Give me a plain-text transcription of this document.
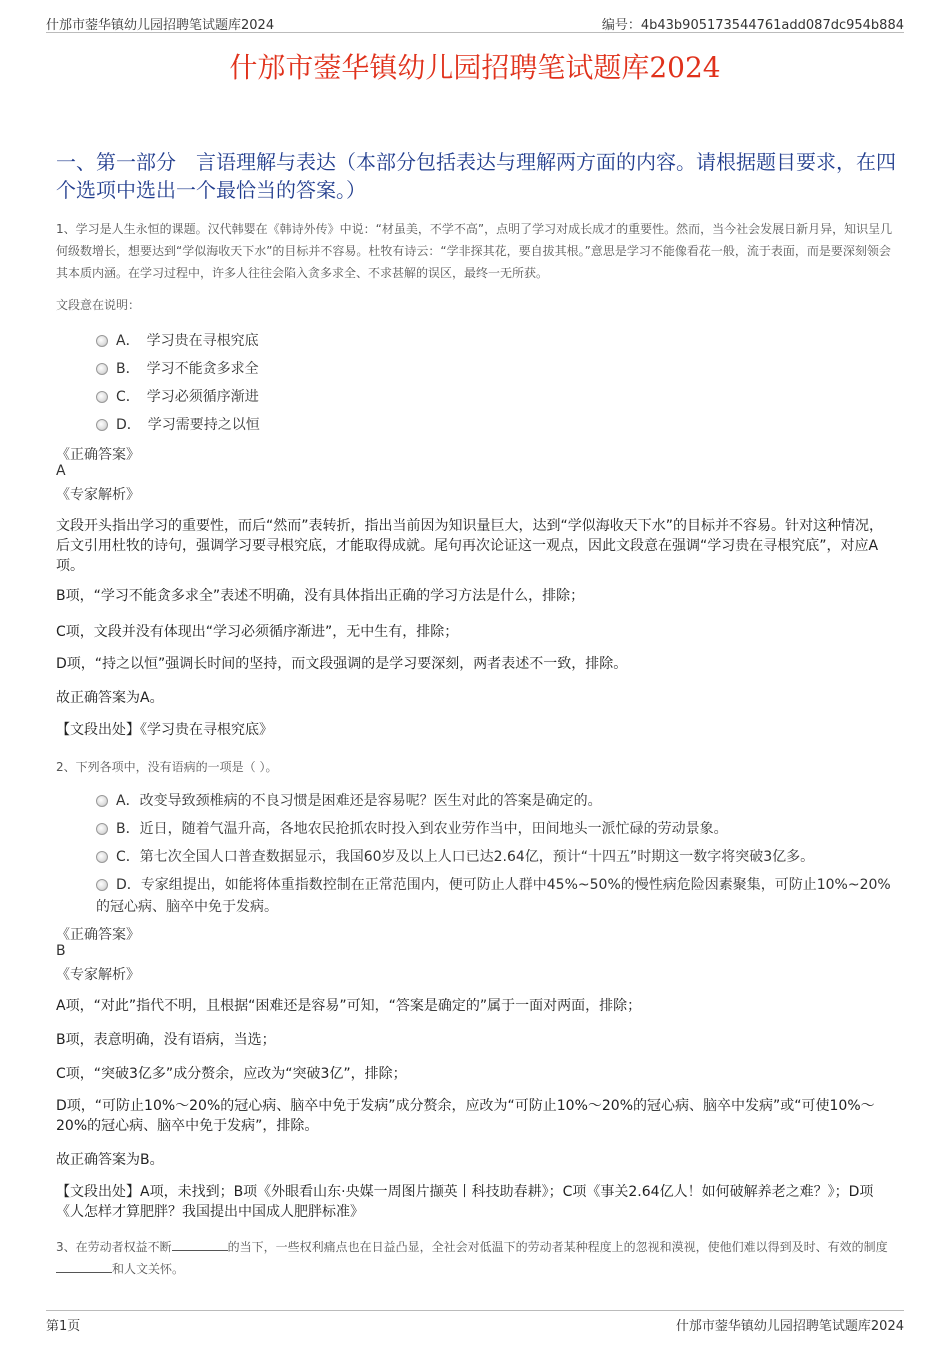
什邡市蓥华镇幼儿园招聘笔试题库2024	编号：4b43b905173544761add087dc954b884
什邡市蓥华镇幼儿园招聘笔试题库2024
一、第一部分　言语理解与表达（本部分包括表达与理解两方面的内容。请根据题目要求，在四个选项中选出一个最恰当的答案。）
1、学习是人生永恒的课题。汉代韩婴在《韩诗外传》中说：“材虽美，不学不高”，点明了学习对成长成才的重要性。然而，当今社会发展日新月异，知识呈几何级数增长，想要达到“学似海收天下水”的目标并不容易。杜牧有诗云：“学非探其花，要自拔其根。”意思是学习不能像看花一般，流于表面，而是要深刻领会其本质内涵。在学习过程中，许多人往往会陷入贪多求全、不求甚解的误区，最终一无所获。
文段意在说明：
A．　学习贵在寻根究底
B．　学习不能贪多求全
C．　学习必须循序渐进
D．　学习需要持之以恒
《正确答案》
A
《专家解析》
文段开头指出学习的重要性，而后“然而”表转折，指出当前因为知识量巨大，达到“学似海收天下水”的目标并不容易。针对这种情况，后文引用杜牧的诗句，强调学习要寻根究底，才能取得成就。尾句再次论证这一观点，因此文段意在强调“学习贵在寻根究底”，对应A项。
B项，“学习不能贪多求全”表述不明确，没有具体指出正确的学习方法是什么，排除；
C项，文段并没有体现出“学习必须循序渐进”，无中生有，排除；
D项，“持之以恒”强调长时间的坚持，而文段强调的是学习要深刻，两者表述不一致，排除。
故正确答案为A。
【文段出处】《学习贵在寻根究底》
2、下列各项中，没有语病的一项是（ ）。
A．改变导致颈椎病的不良习惯是困难还是容易呢？医生对此的答案是确定的。
B．近日，随着气温升高，各地农民抢抓农时投入到农业劳作当中，田间地头一派忙碌的劳动景象。
C．第七次全国人口普查数据显示，我国60岁及以上人口已达2.64亿，预计“十四五”时期这一数字将突破3亿多。
D．专家组提出，如能将体重指数控制在正常范围内，便可防止人群中45%~50%的慢性病危险因素聚集，可防止10%~20%的冠心病、脑卒中免于发病。
《正确答案》
B
《专家解析》
A项，“对此”指代不明，且根据“困难还是容易”可知，“答案是确定的”属于一面对两面，排除；
B项，表意明确，没有语病，当选；
C项，“突破3亿多”成分赘余，应改为“突破3亿”，排除；
D项，“可防止10%～20%的冠心病、脑卒中免于发病”成分赘余，应改为“可防止10%～20%的冠心病、脑卒中发病”或“可使10%～20%的冠心病、脑卒中免于发病”，排除。
故正确答案为B。
【文段出处】A项，未找到；B项《外眼看山东·央媒一周图片撷英丨科技助春耕》；C项《事关2.64亿人！如何破解养老之难？》；D项《人怎样才算肥胖？我国提出中国成人肥胖标准》
3、在劳动者权益不断	的当下，一些权利痛点也在日益凸显，全社会对低温下的劳动者某种程度上的忽视和漠视，使他们难以得到及时、有效的制度和人文关怀。
第1页	什邡市蓥华镇幼儿园招聘笔试题库2024
